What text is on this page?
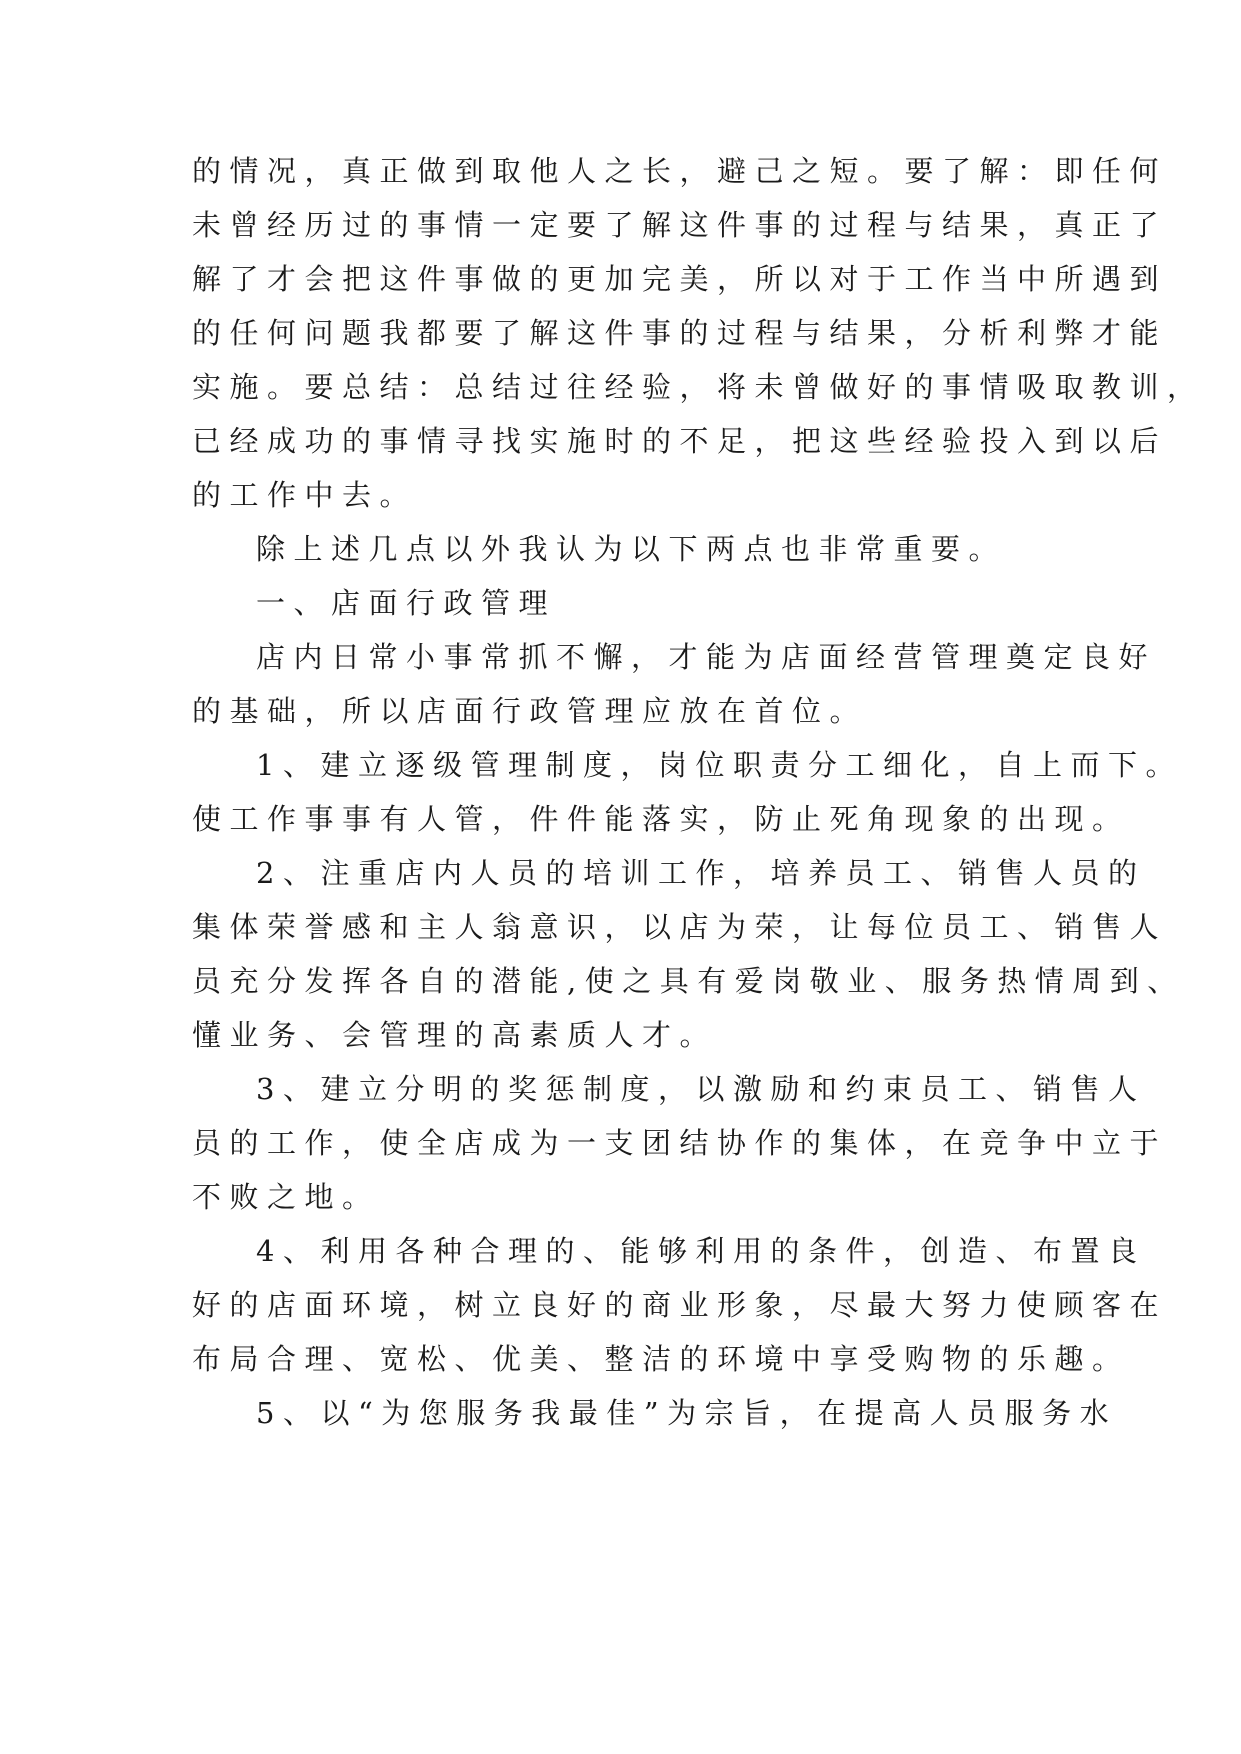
的情况，真正做到取他人之长，避己之短。要了解：即任何
未曾经历过的事情一定要了解这件事的过程与结果，真正了
解了才会把这件事做的更加完美，所以对于工作当中所遇到
的任何问题我都要了解这件事的过程与结果，分析利弊才能
实施。要总结：总结过往经验，将未曾做好的事情吸取教训，
已经成功的事情寻找实施时的不足，把这些经验投入到以后
的工作中去。
除上述几点以外我认为以下两点也非常重要。
一、店面行政管理
店内日常小事常抓不懈，才能为店面经营管理奠定良好
的基础，所以店面行政管理应放在首位。
1、建立逐级管理制度，岗位职责分工细化，自上而下。
使工作事事有人管，件件能落实，防止死角现象的出现。
2、注重店内人员的培训工作，培养员工、销售人员的
集体荣誉感和主人翁意识，以店为荣，让每位员工、销售人
员充分发挥各自的潜能,使之具有爱岗敬业、服务热情周到、
懂业务、会管理的高素质人才。
3、建立分明的奖惩制度，以激励和约束员工、销售人
员的工作，使全店成为一支团结协作的集体，在竞争中立于
不败之地。
4、利用各种合理的、能够利用的条件，创造、布置良
好的店面环境，树立良好的商业形象，尽最大努力使顾客在
布局合理、宽松、优美、整洁的环境中享受购物的乐趣。
5、以“为您服务我最佳”为宗旨，在提高人员服务水
